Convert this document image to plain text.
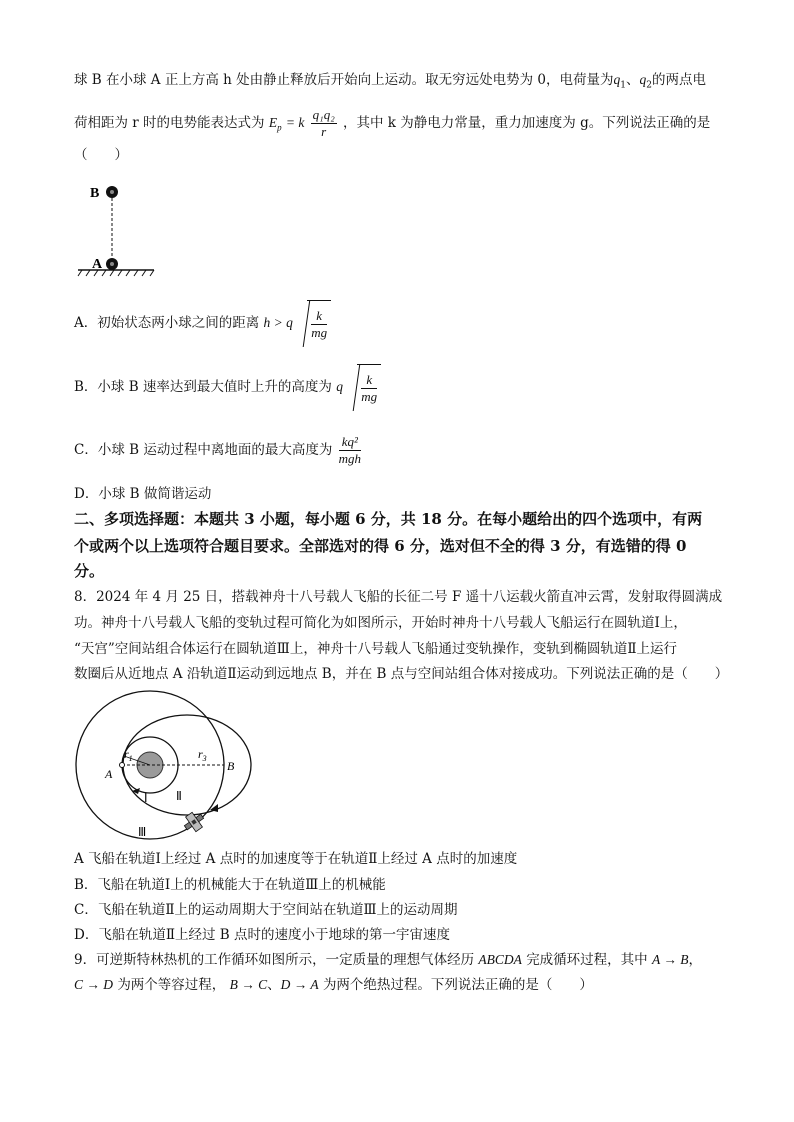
球 B 在小球 A 正上方高 h 处由静止释放后开始向上运动。取无穷远处电势为 0，电荷量为$q_1$、$q_2$的两点电
荷相距为 r 时的电势能表达式为 $E_p = k \frac{\text{q₁q₂}}{r}$ ，其中 k 为静电力常量，重力加速度为 g。下列说法正确的是
（　　）
B
A
A．初始状态两小球之间的距离 h > q $\frac{k}{mg}$
B．小球 B 速率达到最大值时上升的高度为 q $\frac{k}{mg}$
C．小球 B 运动过程中离地面的最大高度为 $\frac{\text{kq²}}{\text{mgh}}$
D．小球 B 做简谐运动
二、多项选择题：本题共 3 小题，每小题 6 分，共 18 分。在每小题给出的四个选项中，有两
个或两个以上选项符合题目要求。全部选对的得 6 分，选对但不全的得 3 分，有选错的得 0
分。
8．2024 年 4 月 25 日，搭载神舟十八号载人飞船的长征二号 F 遥十八运载火箭直冲云霄，发射取得圆满成
功。神舟十八号载人飞船的变轨过程可简化为如图所示，开始时神舟十八号载人飞船运行在圆轨道Ⅰ上，
“天宫”空间站组合体运行在圆轨道Ⅲ上，神舟十八号载人飞船通过变轨操作，变轨到椭圆轨道Ⅱ上运行
数圈后从近地点 A 沿轨道Ⅱ运动到远地点 B，并在 B 点与空间站组合体对接成功。下列说法正确的是（　　）
$r_1$	$r_3$
A
B
Ⅰ Ⅱ
Ⅲ
A 飞船在轨道Ⅰ上经过 A 点时的加速度等于在轨道Ⅱ上经过 A 点时的加速度
B．飞船在轨道Ⅰ上的机械能大于在轨道Ⅲ上的机械能
C．飞船在轨道Ⅱ上的运动周期大于空间站在轨道Ⅲ上的运动周期
D．飞船在轨道Ⅱ上经过 B 点时的速度小于地球的第一宇宙速度
9．可逆斯特林热机的工作循环如图所示，一定质量的理想气体经历 ABCDA 完成循环过程，其中 A → B，
C → D 为两个等容过程， B → C、D → A 为两个绝热过程。下列说法正确的是（　　）
